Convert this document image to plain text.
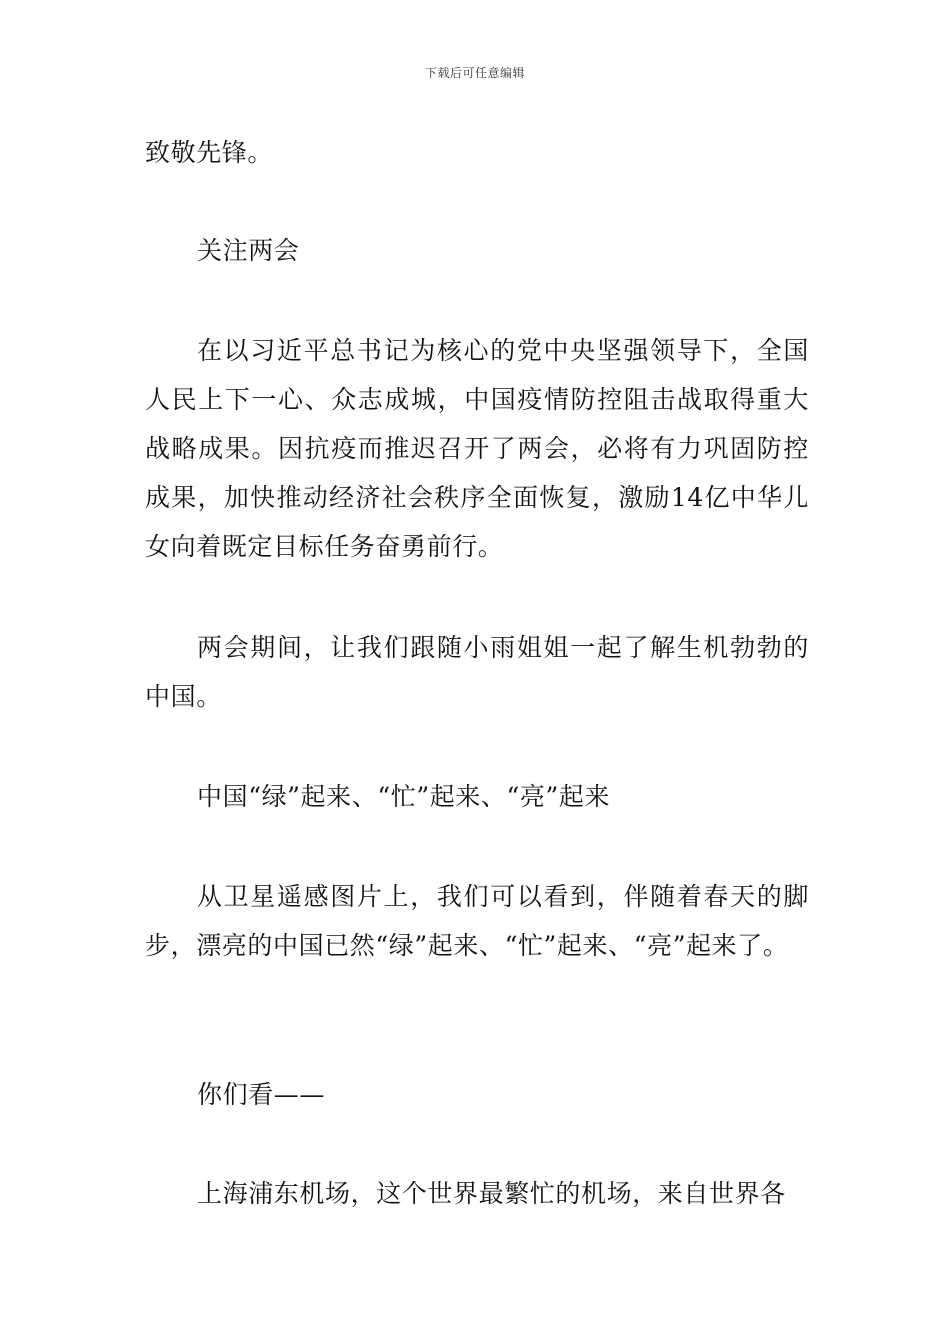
下载后可任意编辑

致敬先锋。

关注两会

在以习近平总书记为核心的党中央坚强领导下，全国人民上下一心、众志成城，中国疫情防控阻击战取得重大战略成果。因抗疫而推迟召开了两会，必将有力巩固防控成果，加快推动经济社会秩序全面恢复，激励14亿中华儿女向着既定目标任务奋勇前行。

两会期间，让我们跟随小雨姐姐一起了解生机勃勃的中国。

中国“绿”起来、“忙”起来、“亮”起来

从卫星遥感图片上，我们可以看到，伴随着春天的脚步，漂亮的中国已然“绿”起来、“忙”起来、“亮”起来了。

你们看——

上海浦东机场，这个世界最繁忙的机场，来自世界各
